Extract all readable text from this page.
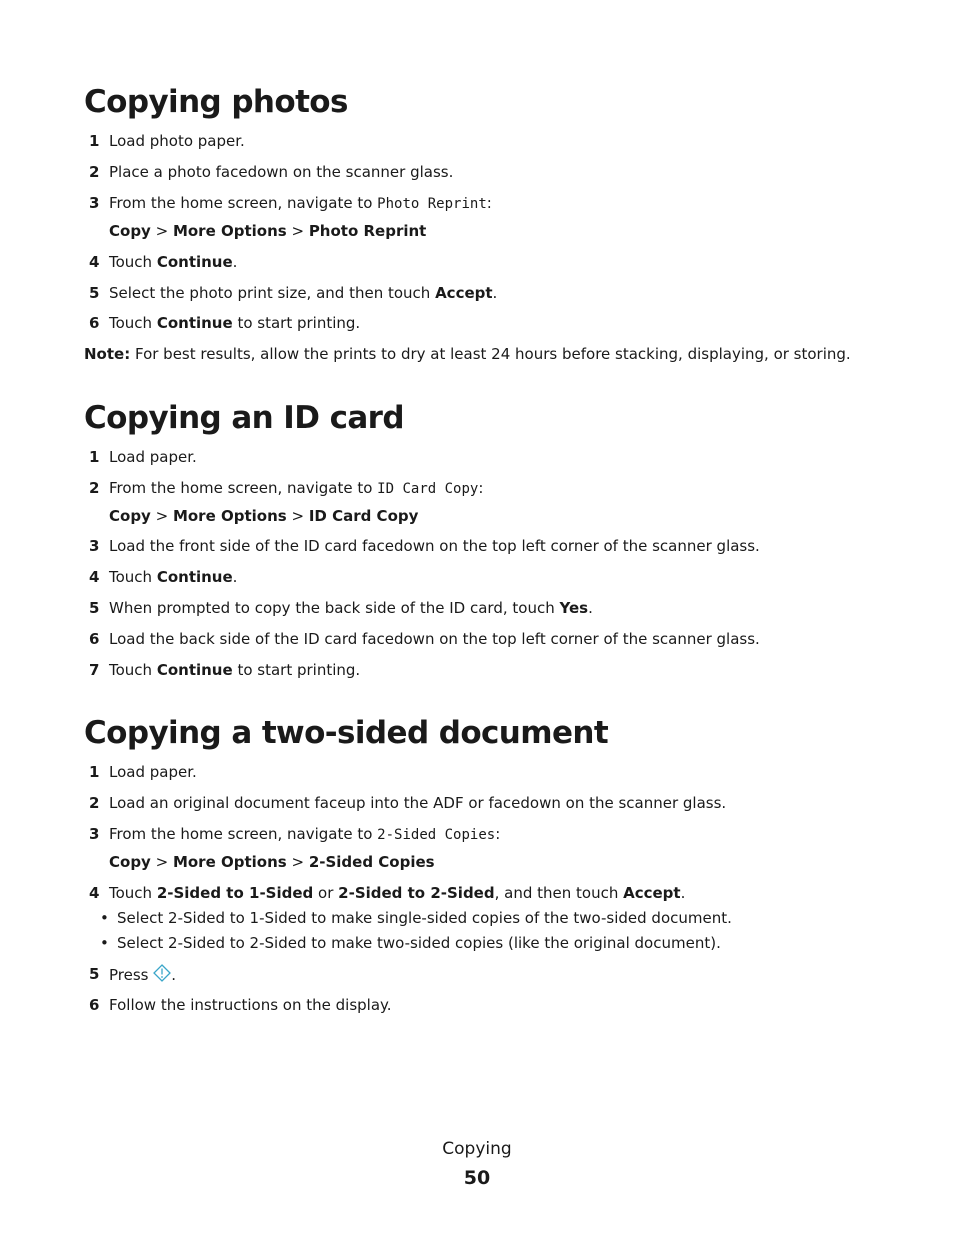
Copying photos
1 Load photo paper.
2 Place a photo facedown on the scanner glass.
3 From the home screen, navigate to Photo Reprint:
Copy > More Options > Photo Reprint
4 Touch Continue.
5 Select the photo print size, and then touch Accept.
6 Touch Continue to start printing.
Note: For best results, allow the prints to dry at least 24 hours before stacking, displaying, or storing.
Copying an ID card
1 Load paper.
2 From the home screen, navigate to ID Card Copy:
Copy > More Options > ID Card Copy
3 Load the front side of the ID card facedown on the top left corner of the scanner glass.
4 Touch Continue.
5 When prompted to copy the back side of the ID card, touch Yes.
6 Load the back side of the ID card facedown on the top left corner of the scanner glass.
7 Touch Continue to start printing.
Copying a two-sided document
1 Load paper.
2 Load an original document faceup into the ADF or facedown on the scanner glass.
3 From the home screen, navigate to 2-Sided Copies:
Copy > More Options > 2-Sided Copies
4 Touch 2-Sided to 1-Sided or 2-Sided to 2-Sided, and then touch Accept.
• Select 2-Sided to 1-Sided to make single-sided copies of the two-sided document.
• Select 2-Sided to 2-Sided to make two-sided copies (like the original document).
5 Press .
6 Follow the instructions on the display.
Copying
50
